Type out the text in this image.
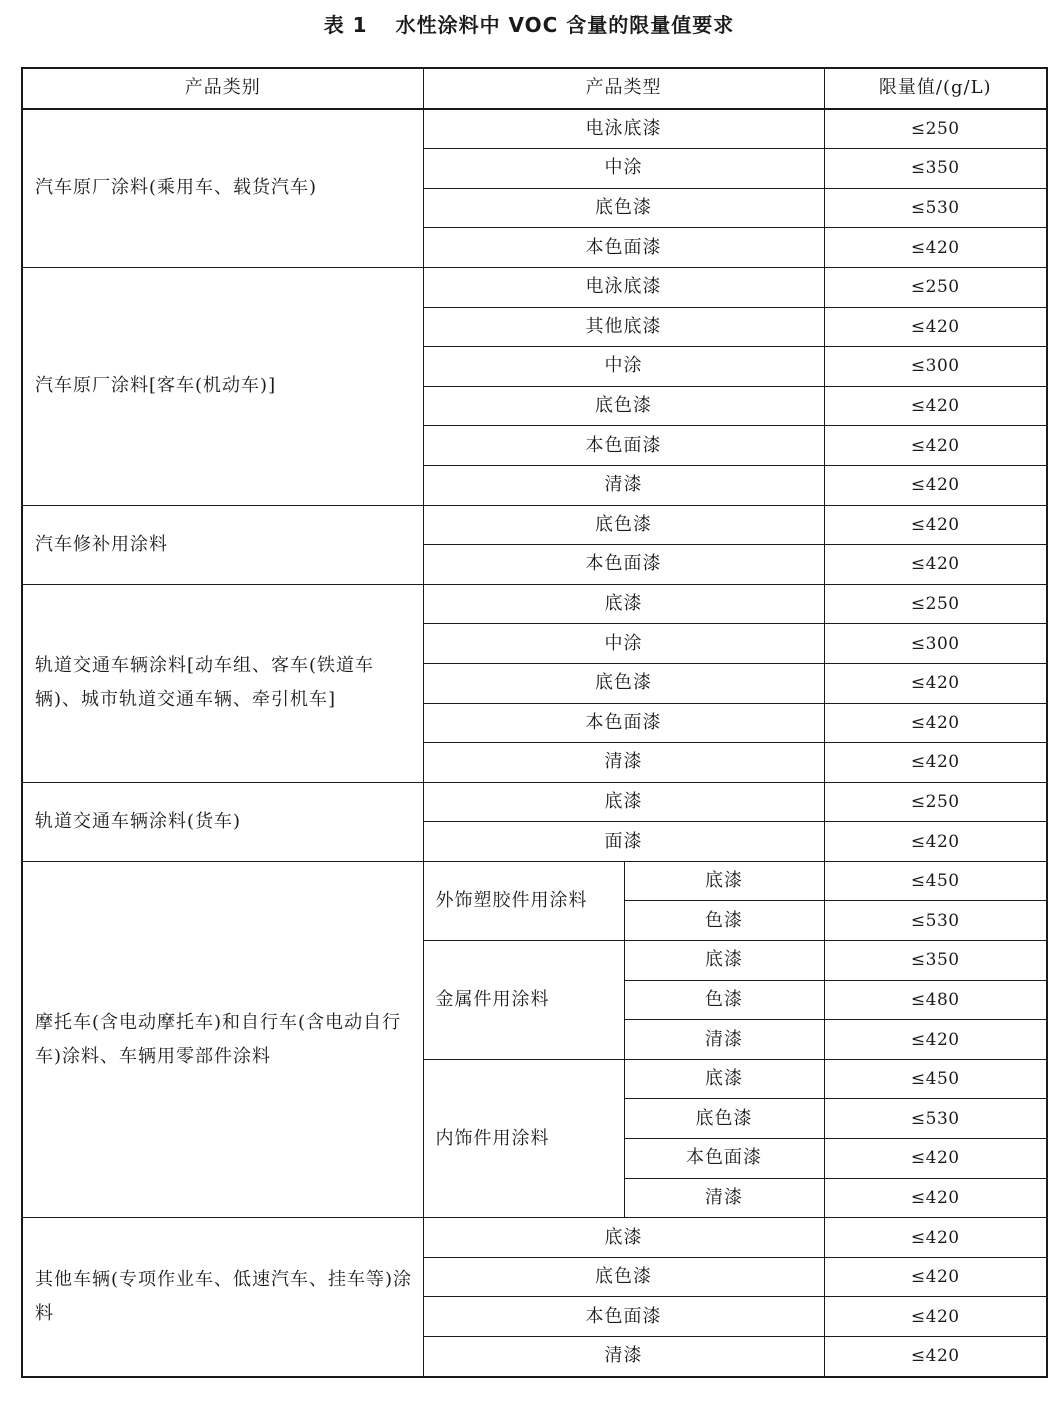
表 1 水性涂料中 VOC 含量的限量值要求
产品类别	产品类型		限量值/(g/L)
汽车原厂涂料(乘用车、载货汽车)	电泳底漆		≤250
	中涂		≤350
	底色漆		≤530
	本色面漆		≤420
汽车原厂涂料[客车(机动车)]	电泳底漆		≤250
	其他底漆		≤420
	中涂		≤300
	底色漆		≤420
	本色面漆		≤420
	清漆		≤420
汽车修补用涂料	底色漆		≤420
	本色面漆		≤420
轨道交通车辆涂料[动车组、客车(铁道车辆)、城市轨道交通车辆、牵引机车]	底漆		≤250
	中涂		≤300
	底色漆		≤420
	本色面漆		≤420
	清漆		≤420
轨道交通车辆涂料(货车)	底漆		≤250
	面漆		≤420
摩托车(含电动摩托车)和自行车(含电动自行车)涂料、车辆用零部件涂料	外饰塑胶件用涂料	底漆	≤450
		色漆	≤530
	金属件用涂料	底漆	≤350
		色漆	≤480
		清漆	≤420
	内饰件用涂料	底漆	≤450
		底色漆	≤530
		本色面漆	≤420
		清漆	≤420
其他车辆(专项作业车、低速汽车、挂车等)涂料	底漆		≤420
	底色漆		≤420
	本色面漆		≤420
	清漆		≤420
